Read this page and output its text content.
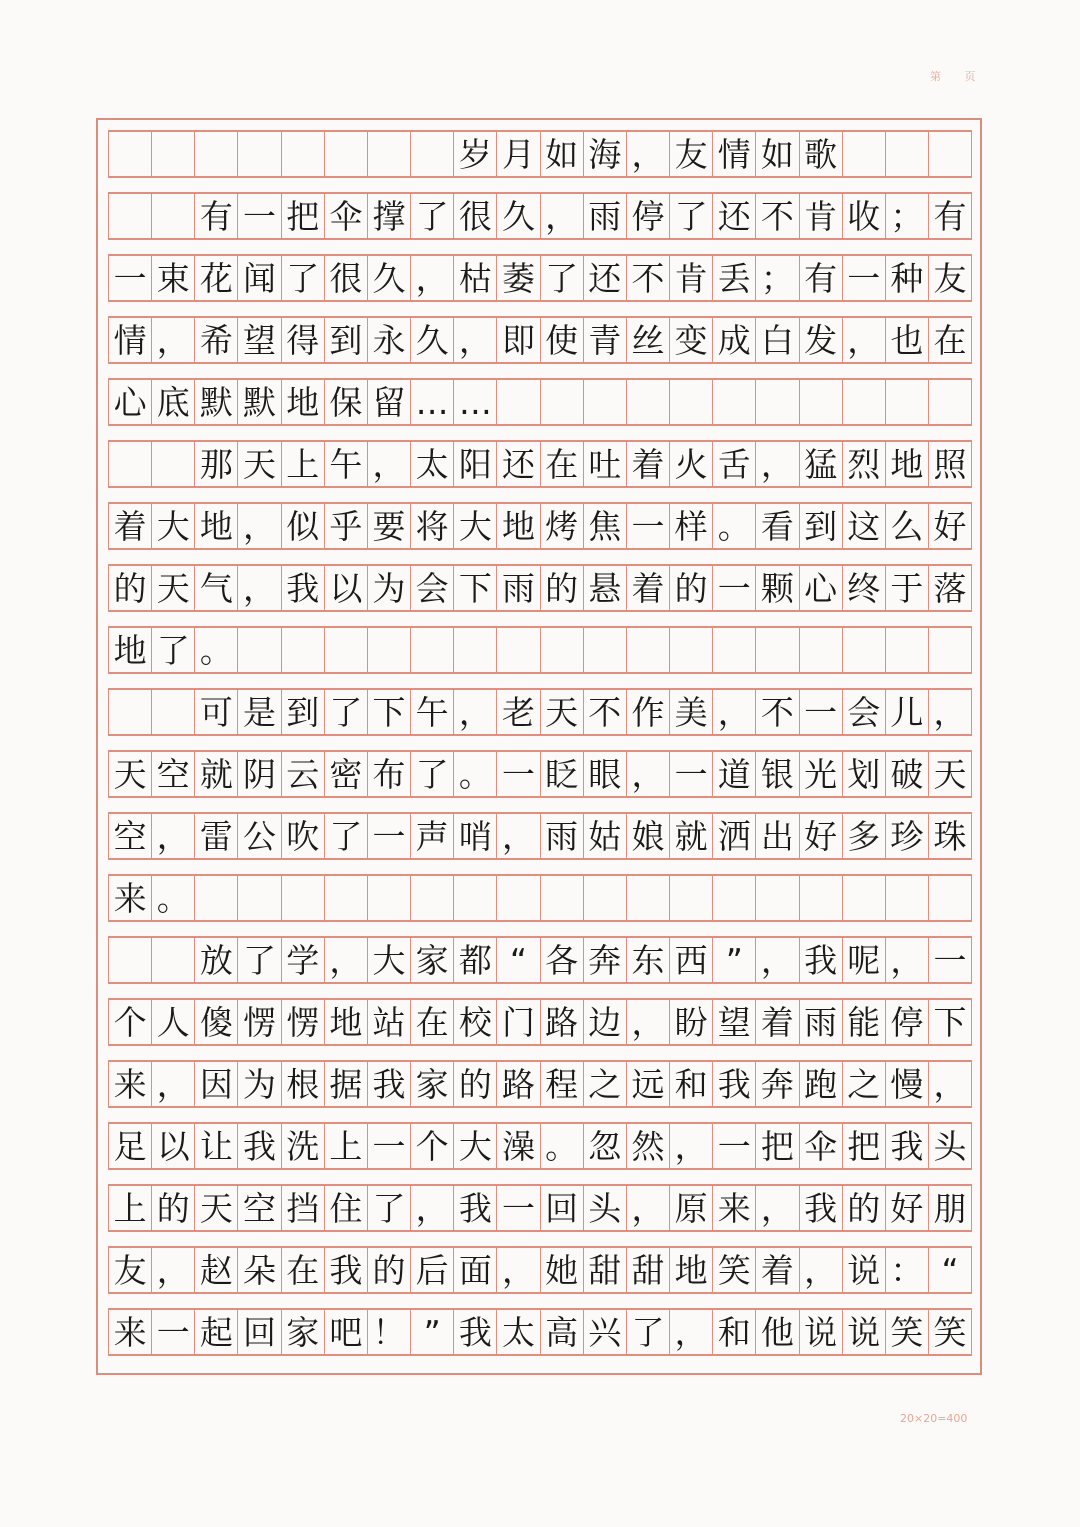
第 页
岁 月 如 海 ， 友 情 如 歌
有 一 把 伞 撑 了 很 久 ， 雨 停 了 还 不 肯 收 ； 有
一 束 花 闻 了 很 久 ， 枯 萎 了 还 不 肯 丢 ； 有 一 种 友
情 ， 希 望 得 到 永 久 ， 即 使 青 丝 变 成 白 发 ， 也 在
心 底 默 默 地 保 留 … …
那 天 上 午 ， 太 阳 还 在 吐 着 火 舌 ， 猛 烈 地 照
着 大 地 ， 似 乎 要 将 大 地 烤 焦 一 样 。 看 到 这 么 好
的 天 气 ， 我 以 为 会 下 雨 的 悬 着 的 一 颗 心 终 于 落
地 了 。
可 是 到 了 下 午 ， 老 天 不 作 美 ， 不 一 会 儿 ，
天 空 就 阴 云 密 布 了 。 一 眨 眼 ， 一 道 银 光 划 破 天
空 ， 雷 公 吹 了 一 声 哨 ， 雨 姑 娘 就 洒 出 好 多 珍 珠
来 。
放 了 学 ， 大 家 都 “ 各 奔 东 西 ” ， 我 呢 ， 一
个 人 傻 愣 愣 地 站 在 校 门 路 边 ， 盼 望 着 雨 能 停 下
来 ， 因 为 根 据 我 家 的 路 程 之 远 和 我 奔 跑 之 慢 ，
足 以 让 我 洗 上 一 个 大 澡 。 忽 然 ， 一 把 伞 把 我 头
上 的 天 空 挡 住 了 ， 我 一 回 头 ， 原 来 ， 我 的 好 朋
友 ， 赵 朵 在 我 的 后 面 ， 她 甜 甜 地 笑 着 ， 说 ： “
来 一 起 回 家 吧 ！ ” 我 太 高 兴 了 ， 和 他 说 说 笑 笑
20×20=400
